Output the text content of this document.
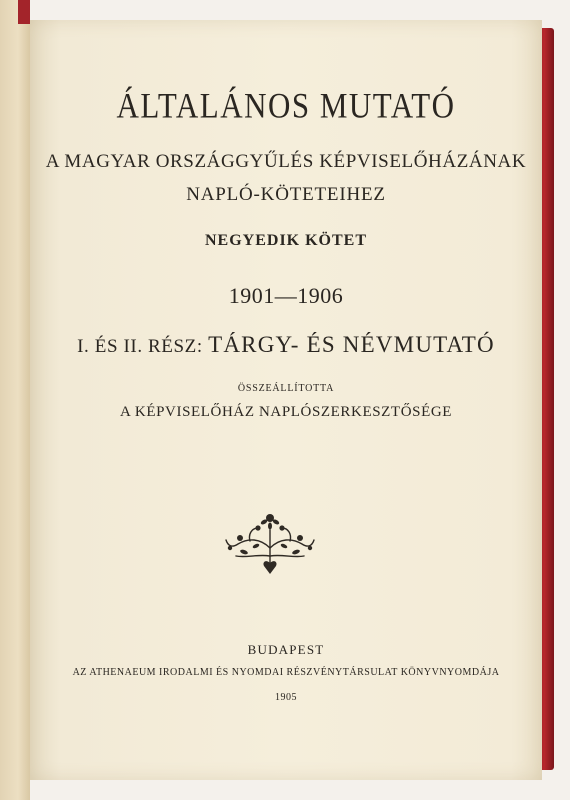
ÁLTALÁNOS MUTATÓ
A MAGYAR ORSZÁGGYŰLÉS KÉPVISELŐHÁZÁNAK
NAPLÓ-KÖTETEIHEZ
NEGYEDIK KÖTET
1901—1906
I. ÉS II. RÉSZ: TÁRGY- ÉS NÉVMUTATÓ
ÖSSZEÁLLÍTOTTA
A KÉPVISELŐHÁZ NAPLÓSZERKESZTŐSÉGE
BUDAPEST
AZ ATHENAEUM IRODALMI ÉS NYOMDAI RÉSZVÉNYTÁRSULAT KÖNYVNYOMDÁJA
1905
